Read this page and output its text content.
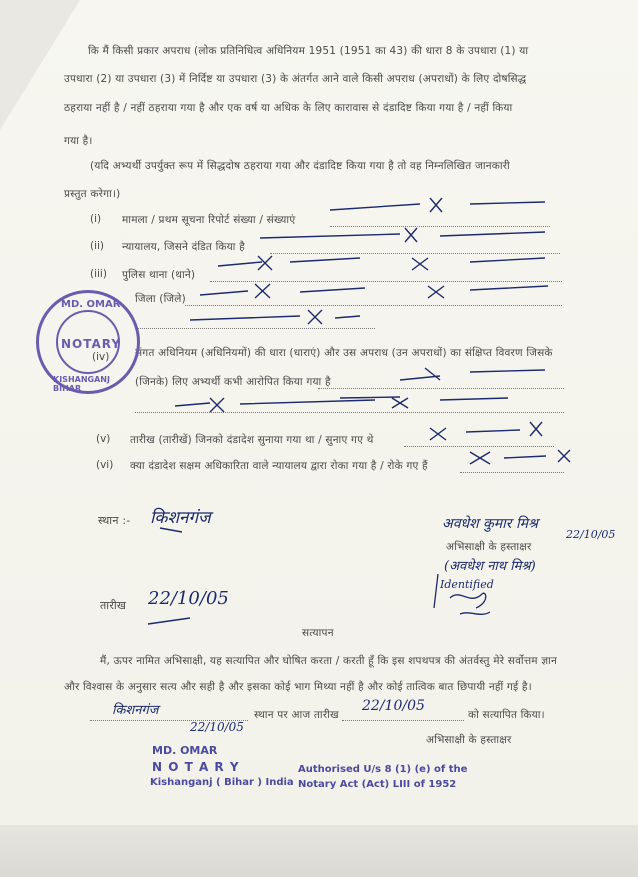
कि मैं किसी प्रकार अपराध (लोक प्रतिनिधित्व अधिनियम 1951 (1951 का 43) की धारा 8 के उपधारा (1) या
उपधारा (2) या उपधारा (3) में निर्दिष्ट या उपधारा (3) के अंतर्गत आने वाले किसी अपराध (अपराधों) के लिए दोषसिद्ध
ठहराया नहीं है / नहीं ठहराया गया है और एक वर्ष या अधिक के लिए कारावास से दंडादिष्ट किया गया है / नहीं किया
गया है।
(यदि अभ्यर्थी उपर्युक्त रूप में सिद्धदोष ठहराया गया और दंडादिष्ट किया गया है तो वह निम्नलिखित जानकारी
प्रस्तुत करेगा।)
(i) मामला / प्रथम सूचना रिपोर्ट संख्या / संख्याएं
(ii) न्यायालय, जिसने दंडित किया है
(iii) पुलिस थाना (थाने)
जिला (जिले)
(iv) संगत अधिनियम (अधिनियमों) की धारा (धाराएं) और उस अपराध (उन अपराधों) का संक्षिप्त विवरण जिसके
(जिनके) लिए अभ्यर्थी कभी आरोपित किया गया है
(v) तारीख (तारीखें) जिनको दंडादेश सुनाया गया था / सुनाए गए थे
(vi) क्या दंडादेश सक्षम अधिकारिता वाले न्यायालय द्वारा रोका गया है / रोके गए हैं
स्थान :- किशनगंज
तारीख 22/10/05
अवधेश कुमार मिश्र
22/10/05
अभिसाक्षी के हस्ताक्षर
(अवधेश नाथ मिश्र)
Identified
सत्यापन
मैं, ऊपर नामित अभिसाक्षी, यह सत्यापित और घोषित करता / करती हूँ कि इस शपथपत्र की अंतर्वस्तु मेरे सर्वोत्तम ज्ञान
और विश्वास के अनुसार सत्य और सही है और इसका कोई भाग मिथ्या नहीं है और कोई तात्विक बात छिपायी नहीं गई है।
किशनगंज	स्थान पर आज तारीख
22/10/05
को सत्यापित किया।
22/10/05
अभिसाक्षी के हस्ताक्षर
MD. OMAR
NOTARY
KISHANGANJ BIHAR
MD. OMAR
N O T A R Y
Kishanganj ( Bihar ) India
Authorised U/s 8 (1) (e) of the
Notary Act (Act) LIII of 1952
